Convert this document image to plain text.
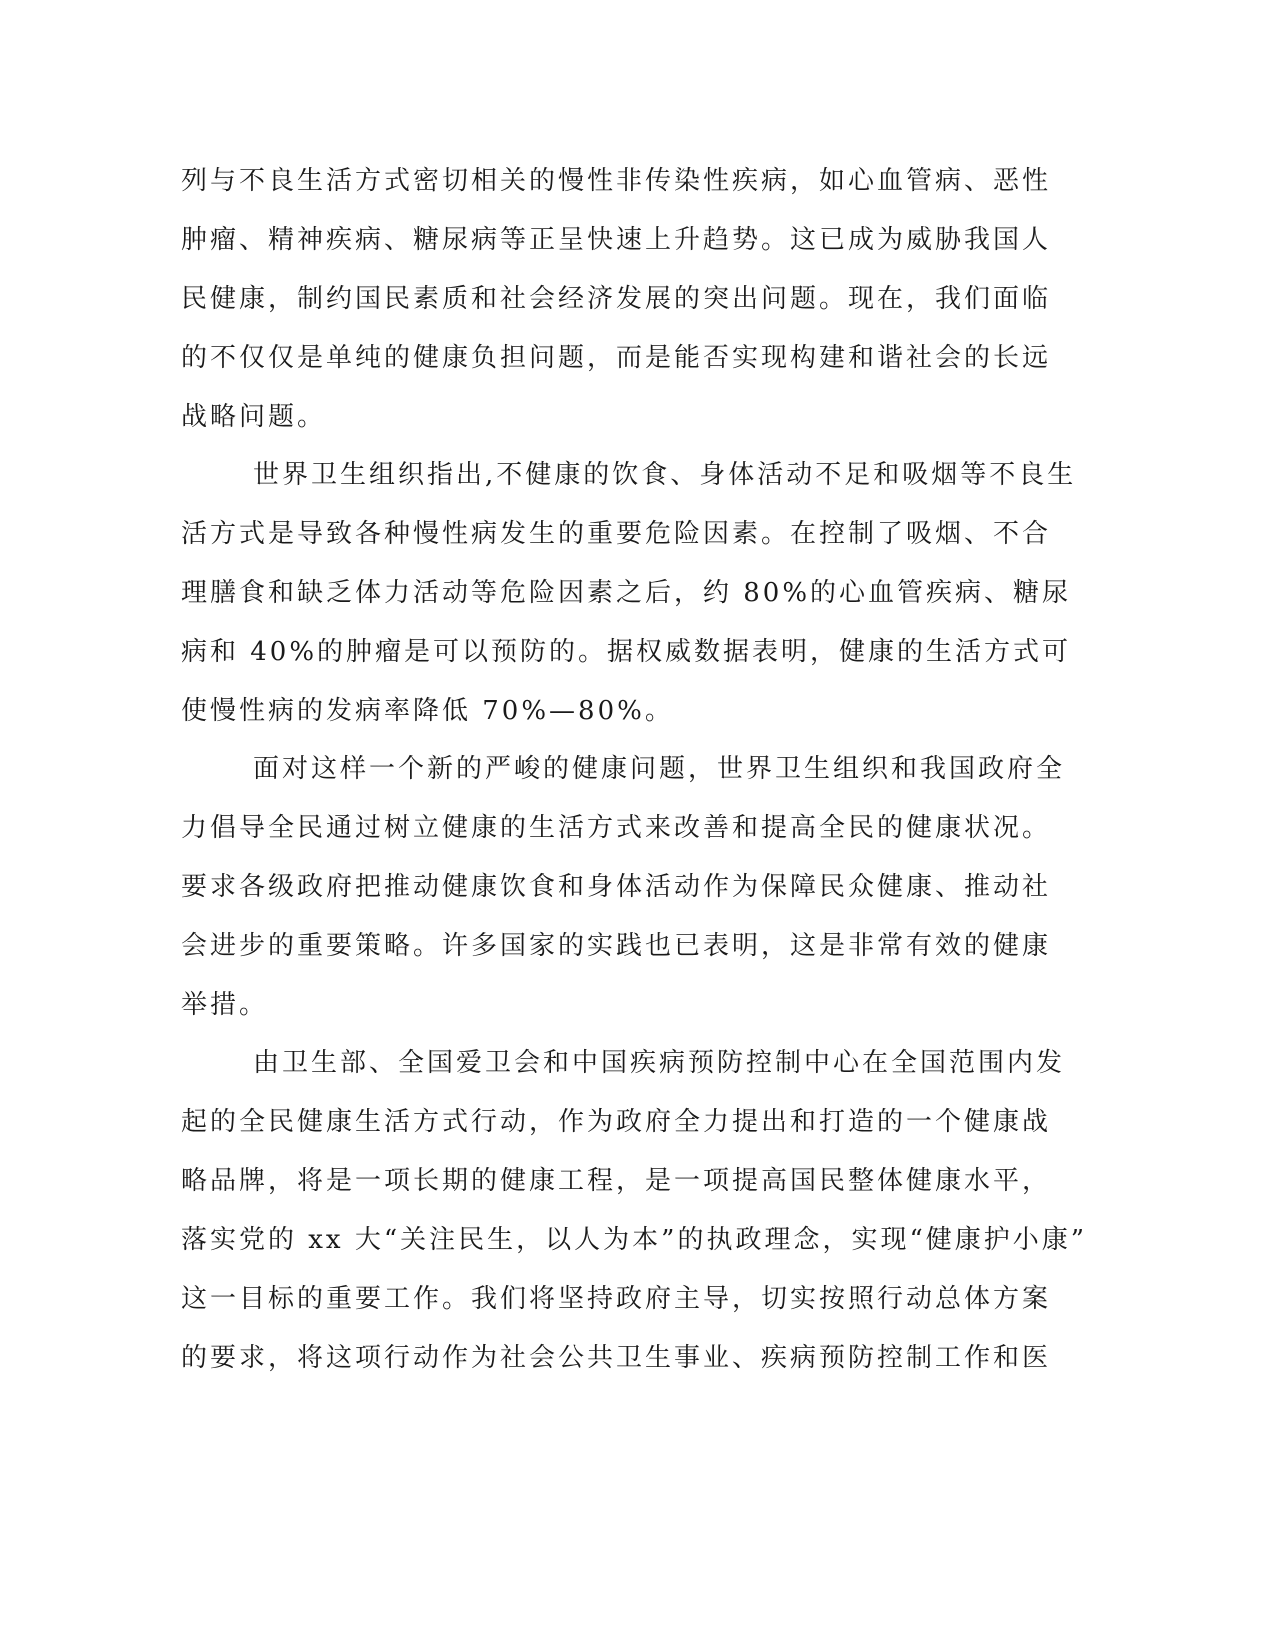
列与不良生活方式密切相关的慢性非传染性疾病，如心血管病、恶性
肿瘤、精神疾病、糖尿病等正呈快速上升趋势。这已成为威胁我国人
民健康，制约国民素质和社会经济发展的突出问题。现在，我们面临
的不仅仅是单纯的健康负担问题，而是能否实现构建和谐社会的长远
战略问题。
世界卫生组织指出,不健康的饮食、身体活动不足和吸烟等不良生
活方式是导致各种慢性病发生的重要危险因素。在控制了吸烟、不合
理膳食和缺乏体力活动等危险因素之后，约 80%的心血管疾病、糖尿
病和 40%的肿瘤是可以预防的。据权威数据表明，健康的生活方式可
使慢性病的发病率降低 70%—80%。
面对这样一个新的严峻的健康问题，世界卫生组织和我国政府全
力倡导全民通过树立健康的生活方式来改善和提高全民的健康状况。
要求各级政府把推动健康饮食和身体活动作为保障民众健康、推动社
会进步的重要策略。许多国家的实践也已表明，这是非常有效的健康
举措。
由卫生部、全国爱卫会和中国疾病预防控制中心在全国范围内发
起的全民健康生活方式行动，作为政府全力提出和打造的一个健康战
略品牌，将是一项长期的健康工程，是一项提高国民整体健康水平，
落实党的 xx 大“关注民生，以人为本”的执政理念，实现“健康护小康”
这一目标的重要工作。我们将坚持政府主导，切实按照行动总体方案
的要求，将这项行动作为社会公共卫生事业、疾病预防控制工作和医
